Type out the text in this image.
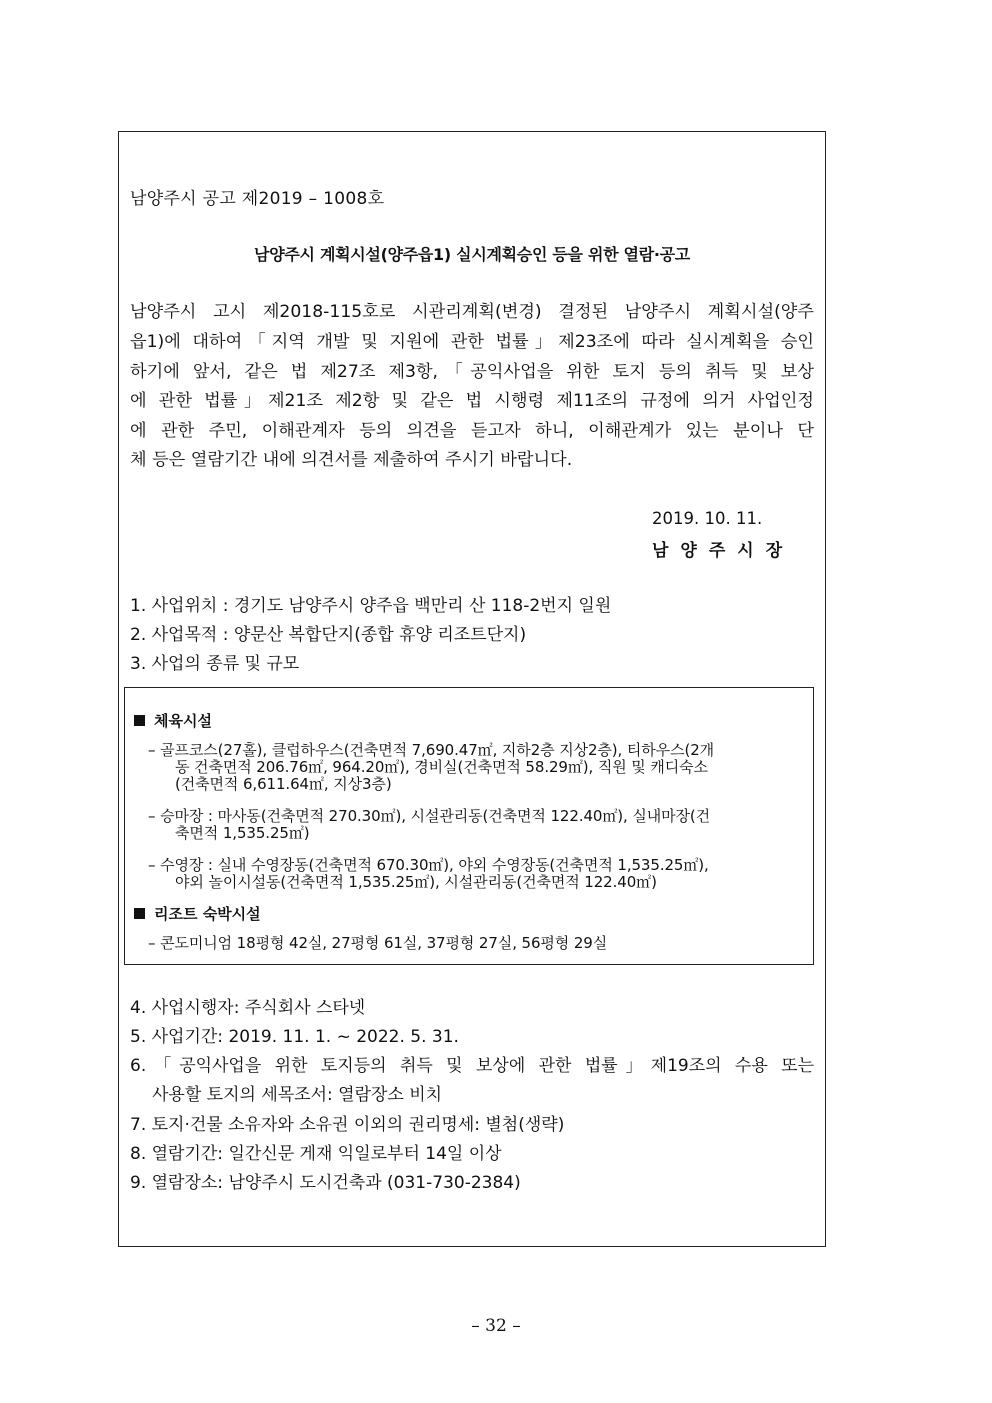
남양주시 공고 제2019 – 1008호
남양주시 계획시설(양주읍1) 실시계획승인 등을 위한 열람·공고
남양주시 고시 제2018-115호로 시관리계획(변경) 결정된 남양주시 계획시설(양주
읍1)에 대하여「지역 개발 및 지원에 관한 법률」제23조에 따라 실시계획을 승인
하기에 앞서, 같은 법 제27조 제3항,「공익사업을 위한 토지 등의 취득 및 보상
에 관한 법률」제21조 제2항 및 같은 법 시행령 제11조의 규정에 의거 사업인정
에 관한 주민, 이해관계자 등의 의견을 듣고자 하니, 이해관계가 있는 분이나 단
체 등은 열람기간 내에 의견서를 제출하여 주시기 바랍니다.
2019. 10. 11.
남양주시장
1. 사업위치 : 경기도 남양주시 양주읍 백만리 산 118-2번지 일원
2. 사업목적 : 양문산 복합단지(종합 휴양 리조트단지)
3. 사업의 종류 및 규모
체육시설
– 골프코스(27홀), 클럽하우스(건축면적 7,690.47㎡, 지하2층 지상2층), 티하우스(2개
동 건축면적 206.76㎡, 964.20㎡), 경비실(건축면적 58.29㎡), 직원 및 캐디숙소
(건축면적 6,611.64㎡, 지상3층)
– 승마장 : 마사동(건축면적 270.30㎡), 시설관리동(건축면적 122.40㎡), 실내마장(건
축면적 1,535.25㎡)
– 수영장 : 실내 수영장동(건축면적 670.30㎡), 야외 수영장동(건축면적 1,535.25㎡),
야외 놀이시설동(건축면적 1,535.25㎡), 시설관리동(건축면적 122.40㎡)
리조트 숙박시설
– 콘도미니엄 18평형 42실, 27평형 61실, 37평형 27실, 56평형 29실
4. 사업시행자: 주식회사 스타넷
5. 사업기간: 2019. 11. 1. ~ 2022. 5. 31.
6.「공익사업을 위한 토지등의 취득 및 보상에 관한 법률」제19조의 수용 또는
사용할 토지의 세목조서: 열람장소 비치
7. 토지·건물 소유자와 소유권 이외의 권리명세: 별첨(생략)
8. 열람기간: 일간신문 게재 익일로부터 14일 이상
9. 열람장소: 남양주시 도시건축과 (031-730-2384)
– 32 –
